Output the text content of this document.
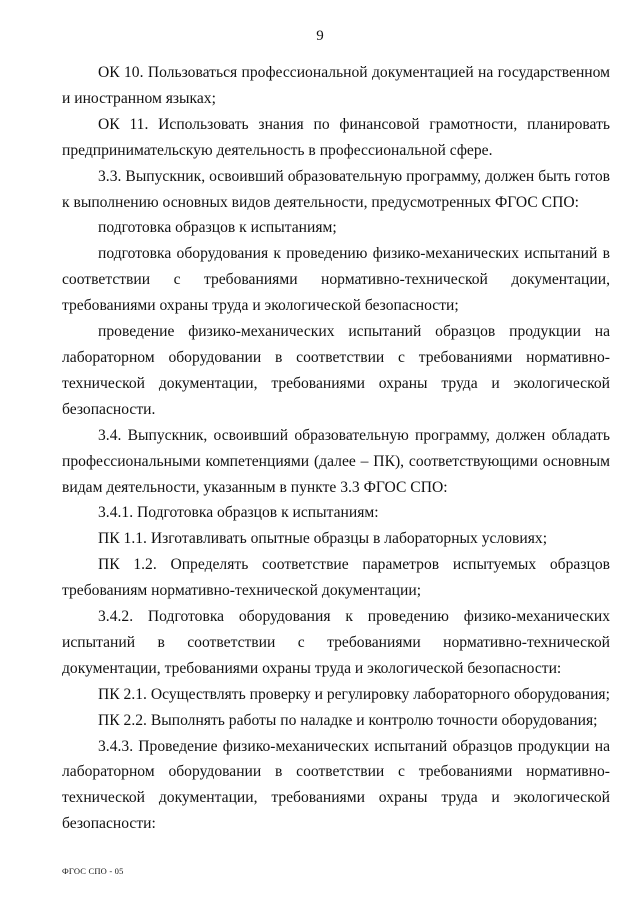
9

ОК 10. Пользоваться профессиональной документацией на государственном и иностранном языках;

ОК 11. Использовать знания по финансовой грамотности, планировать предпринимательскую деятельность в профессиональной сфере.

3.3. Выпускник, освоивший образовательную программу, должен быть готов к выполнению основных видов деятельности, предусмотренных ФГОС СПО:

подготовка образцов к испытаниям;

подготовка оборудования к проведению физико-механических испытаний в соответствии с требованиями нормативно-технической документации, требованиями охраны труда и экологической безопасности;

проведение физико-механических испытаний образцов продукции на лабораторном оборудовании в соответствии с требованиями нормативно-технической документации, требованиями охраны труда и экологической безопасности.

3.4. Выпускник, освоивший образовательную программу, должен обладать профессиональными компетенциями (далее – ПК), соответствующими основным видам деятельности, указанным в пункте 3.3 ФГОС СПО:

3.4.1. Подготовка образцов к испытаниям:

ПК 1.1. Изготавливать опытные образцы в лабораторных условиях;

ПК 1.2. Определять соответствие параметров испытуемых образцов требованиям нормативно-технической документации;

3.4.2. Подготовка оборудования к проведению физико-механических испытаний в соответствии с требованиями нормативно-технической документации, требованиями охраны труда и экологической безопасности:

ПК 2.1. Осуществлять проверку и регулировку лабораторного оборудования;

ПК 2.2. Выполнять работы по наладке и контролю точности оборудования;

3.4.3. Проведение физико-механических испытаний образцов продукции на лабораторном оборудовании в соответствии с требованиями нормативно-технической документации, требованиями охраны труда и экологической безопасности:

ФГОС СПО - 05
